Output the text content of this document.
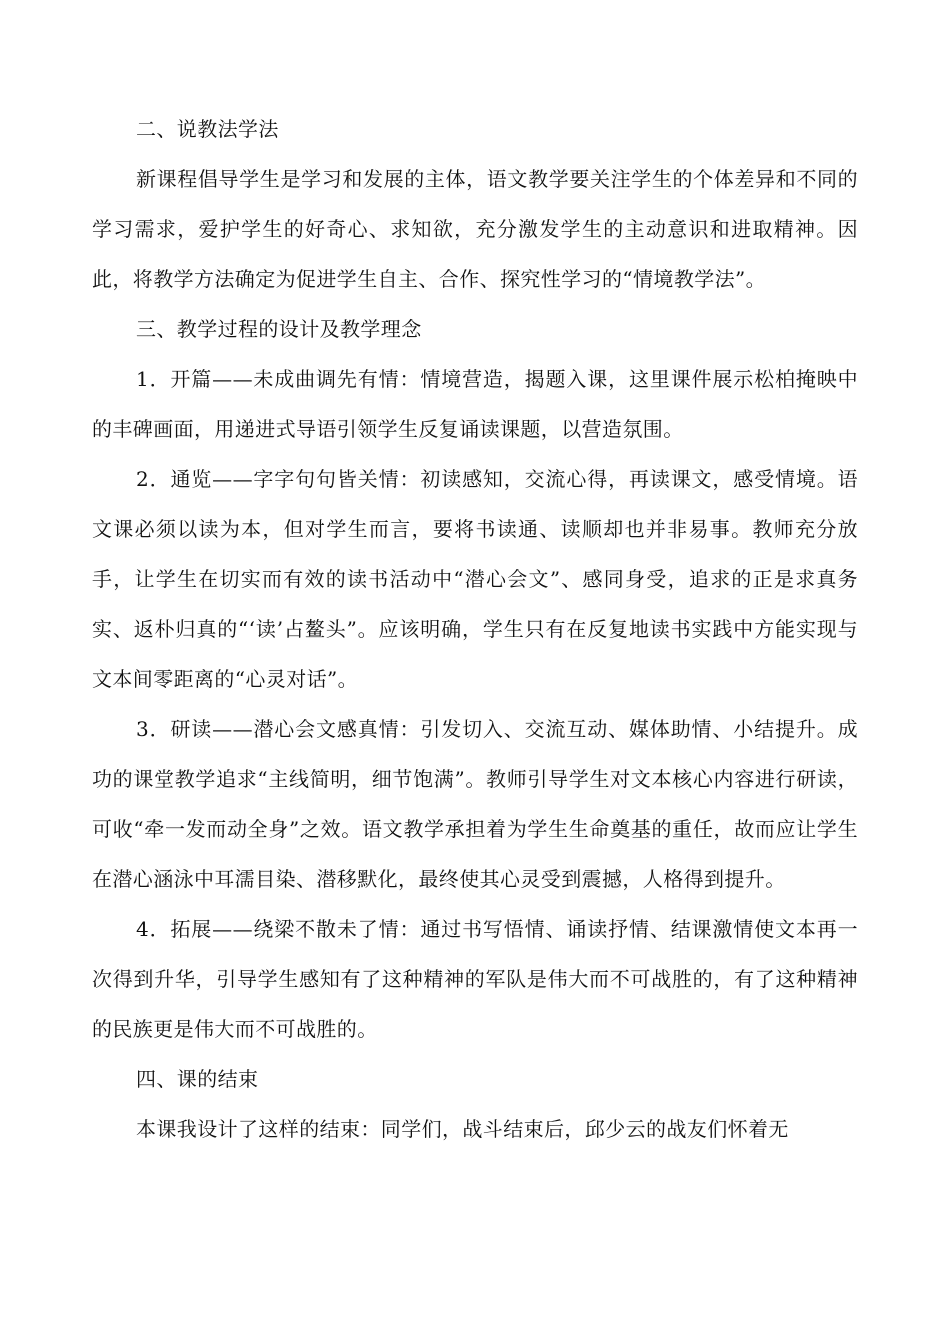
二、说教法学法

新课程倡导学生是学习和发展的主体，语文教学要关注学生的个体差异和不同的学习需求，爱护学生的好奇心、求知欲，充分激发学生的主动意识和进取精神。因此，将教学方法确定为促进学生自主、合作、探究性学习的“情境教学法”。

三、教学过程的设计及教学理念

1．开篇——未成曲调先有情：情境营造，揭题入课，这里课件展示松柏掩映中的丰碑画面，用递进式导语引领学生反复诵读课题，以营造氛围。

2．通览——字字句句皆关情：初读感知，交流心得，再读课文，感受情境。语文课必须以读为本，但对学生而言，要将书读通、读顺却也并非易事。教师充分放手，让学生在切实而有效的读书活动中“潜心会文”、感同身受，追求的正是求真务实、返朴归真的“‘读’占鳌头”。应该明确，学生只有在反复地读书实践中方能实现与文本间零距离的“心灵对话”。

3．研读——潜心会文感真情：引发切入、交流互动、媒体助情、小结提升。成功的课堂教学追求“主线简明，细节饱满”。教师引导学生对文本核心内容进行研读，可收“牵一发而动全身”之效。语文教学承担着为学生生命奠基的重任，故而应让学生在潜心涵泳中耳濡目染、潜移默化，最终使其心灵受到震撼，人格得到提升。

4．拓展——绕梁不散未了情：通过书写悟情、诵读抒情、结课激情使文本再一次得到升华，引导学生感知有了这种精神的军队是伟大而不可战胜的，有了这种精神的民族更是伟大而不可战胜的。

四、课的结束

本课我设计了这样的结束：同学们，战斗结束后，邱少云的战友们怀着无
